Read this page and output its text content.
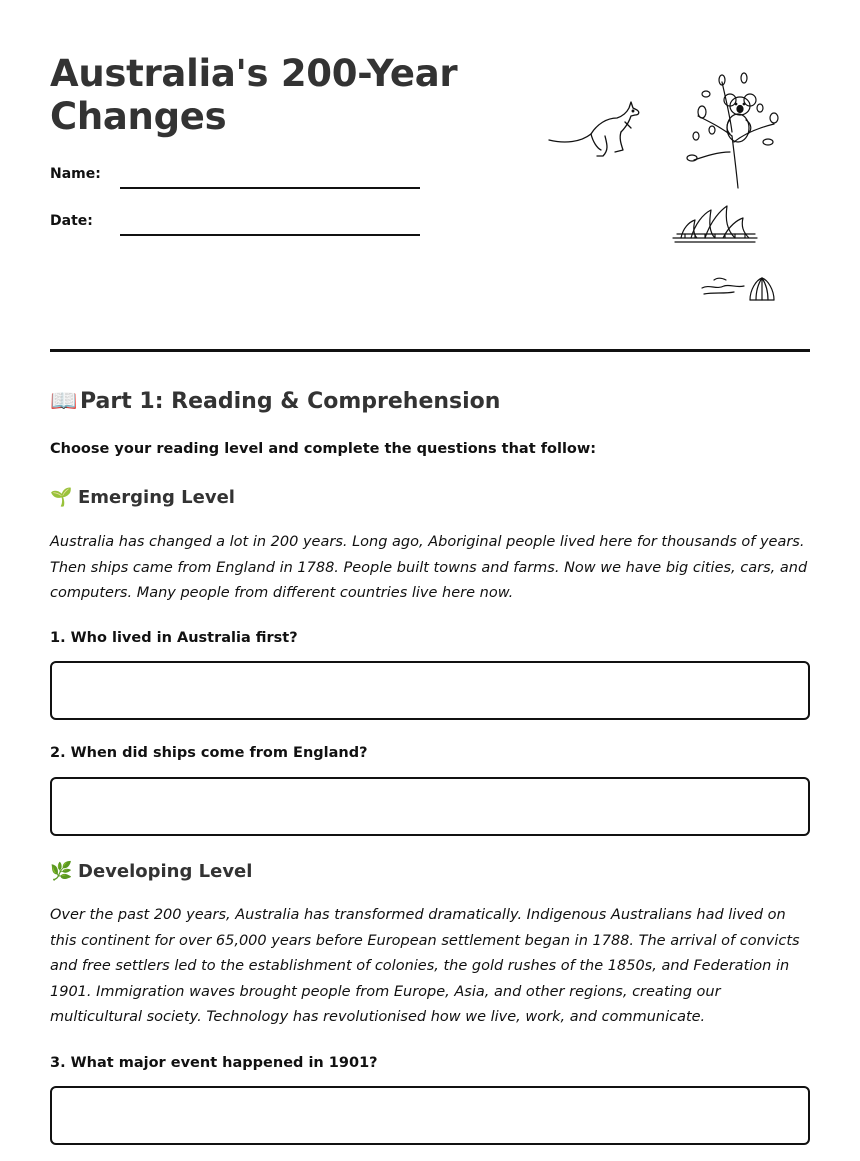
Australia's 200-Year Changes
Name:
Date:
📖 Part 1: Reading & Comprehension
Choose your reading level and complete the questions that follow:
🌱 Emerging Level
Australia has changed a lot in 200 years. Long ago, Aboriginal people lived here for thousands of years. Then ships came from England in 1788. People built towns and farms. Now we have big cities, cars, and computers. Many people from different countries live here now.
1. Who lived in Australia first?
2. When did ships come from England?
🌿 Developing Level
Over the past 200 years, Australia has transformed dramatically. Indigenous Australians had lived on this continent for over 65,000 years before European settlement began in 1788. The arrival of convicts and free settlers led to the establishment of colonies, the gold rushes of the 1850s, and Federation in 1901. Immigration waves brought people from Europe, Asia, and other regions, creating our multicultural society. Technology has revolutionised how we live, work, and communicate.
3. What major event happened in 1901?
